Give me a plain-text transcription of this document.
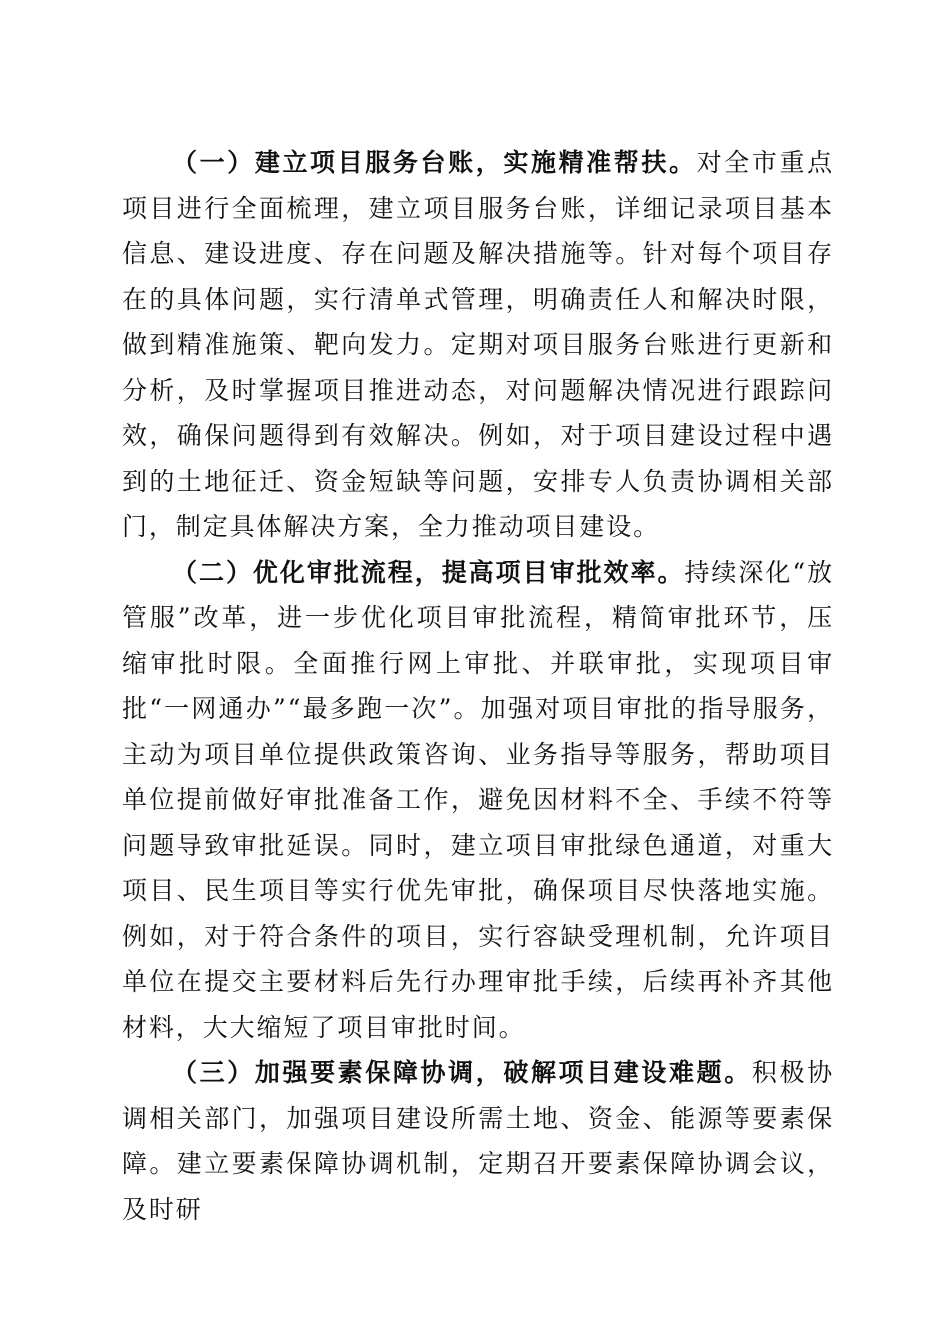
（一）建立项目服务台账，实施精准帮扶。对全市重点项目进行全面梳理，建立项目服务台账，详细记录项目基本信息、建设进度、存在问题及解决措施等。针对每个项目存在的具体问题，实行清单式管理，明确责任人和解决时限，做到精准施策、靶向发力。定期对项目服务台账进行更新和分析，及时掌握项目推进动态，对问题解决情况进行跟踪问效，确保问题得到有效解决。例如，对于项目建设过程中遇到的土地征迁、资金短缺等问题，安排专人负责协调相关部门，制定具体解决方案，全力推动项目建设。

（二）优化审批流程，提高项目审批效率。持续深化“放管服”改革，进一步优化项目审批流程，精简审批环节，压缩审批时限。全面推行网上审批、并联审批，实现项目审批“一网通办”“最多跑一次”。加强对项目审批的指导服务，主动为项目单位提供政策咨询、业务指导等服务，帮助项目单位提前做好审批准备工作，避免因材料不全、手续不符等问题导致审批延误。同时，建立项目审批绿色通道，对重大项目、民生项目等实行优先审批，确保项目尽快落地实施。例如，对于符合条件的项目，实行容缺受理机制，允许项目单位在提交主要材料后先行办理审批手续，后续再补齐其他材料，大大缩短了项目审批时间。

（三）加强要素保障协调，破解项目建设难题。积极协调相关部门，加强项目建设所需土地、资金、能源等要素保障。建立要素保障协调机制，定期召开要素保障协调会议，及时研
